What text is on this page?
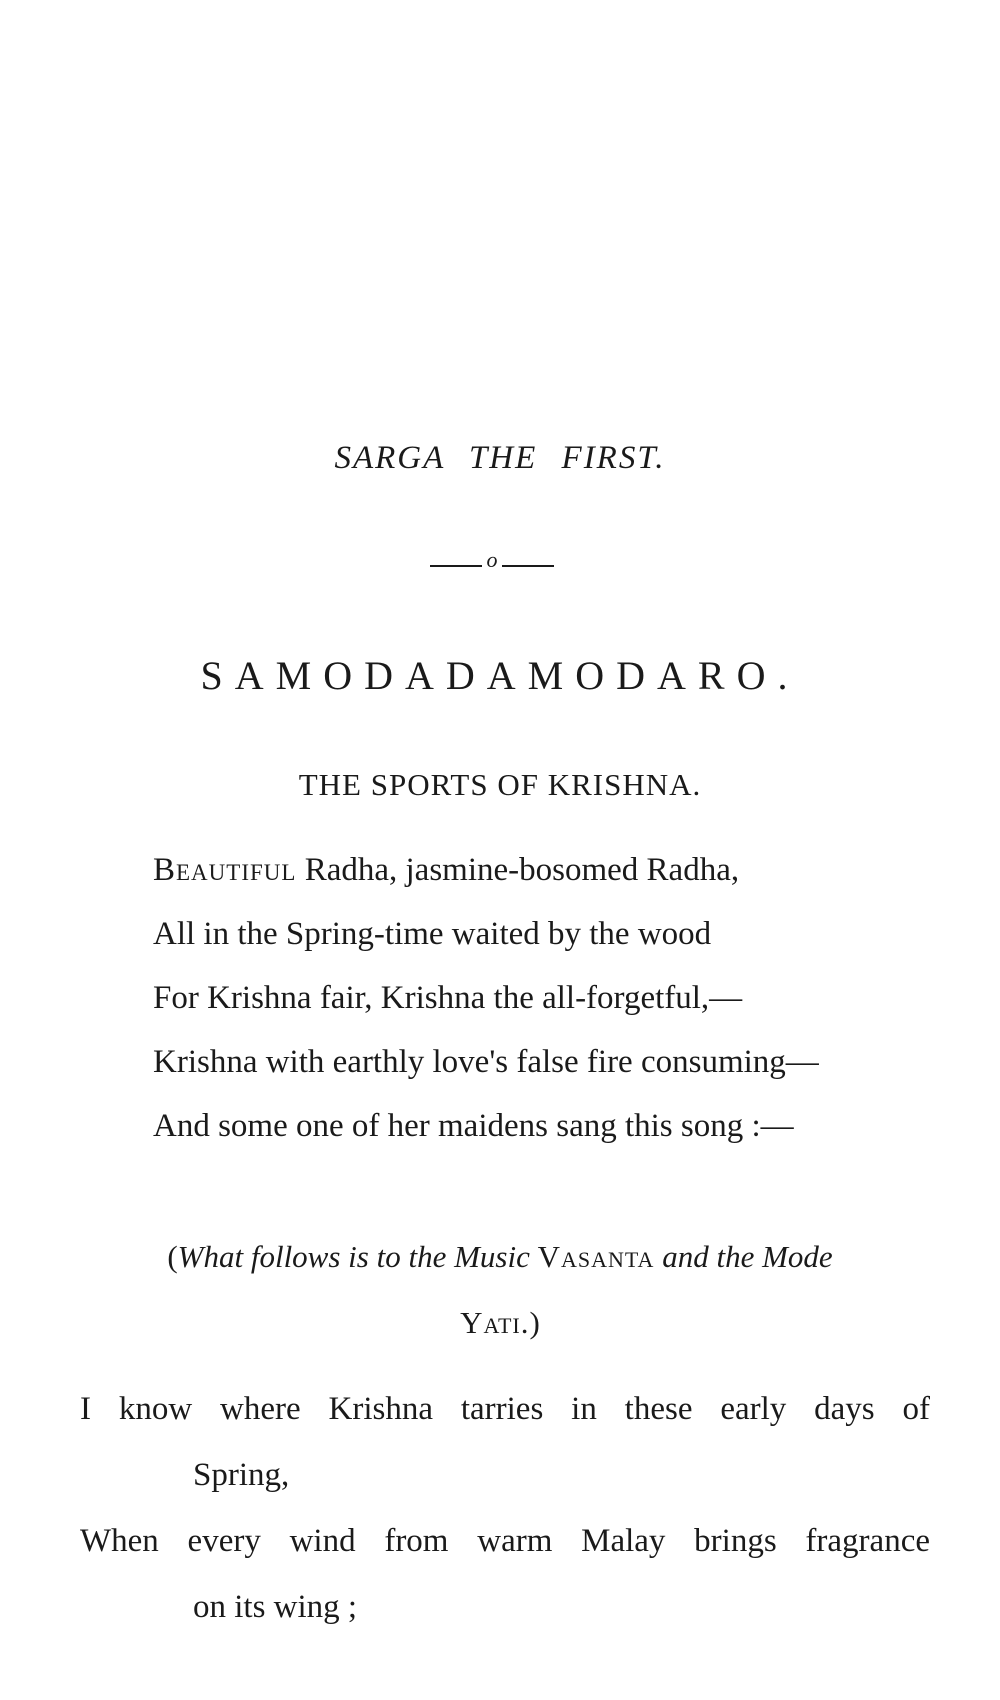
SARGA THE FIRST.
o
SAMODADAMODARO.
THE SPORTS OF KRISHNA.
Beautiful Radha, jasmine-bosomed Radha,
All in the Spring-time waited by the wood
For Krishna fair, Krishna the all-forgetful,—
Krishna with earthly love's false fire consuming—
And some one of her maidens sang this song :—
(What follows is to the Music Vasanta and the Mode
Yati.)
I know where Krishna tarries in these early days of
Spring,
When every wind from warm Malay brings fragrance
on its wing ;
